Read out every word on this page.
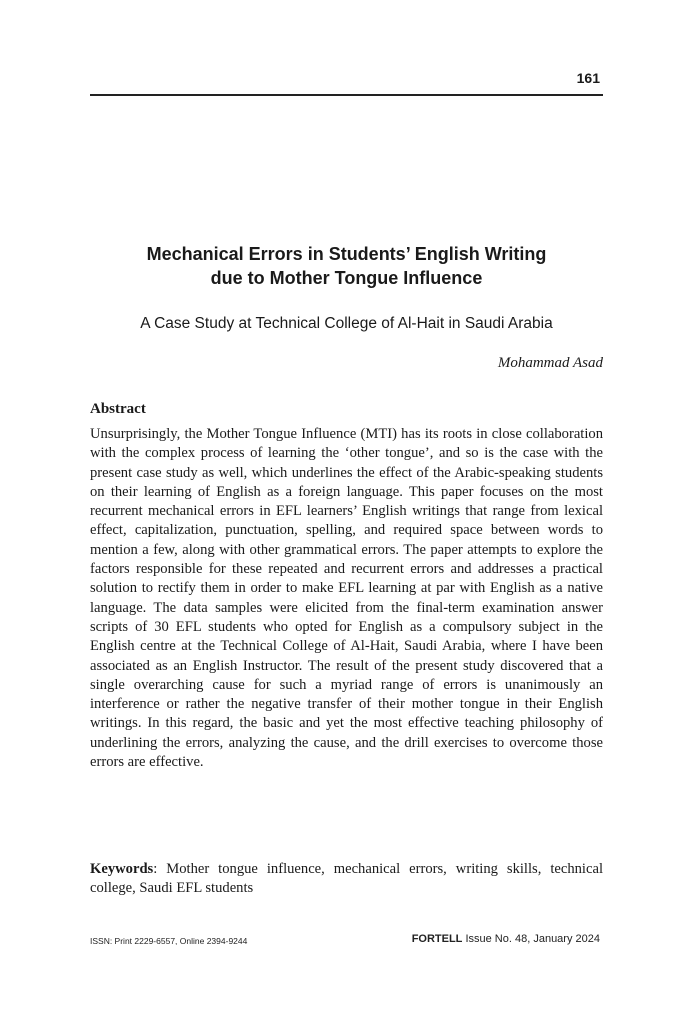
161
Mechanical Errors in Students’ English Writing
due to Mother Tongue Influence
A Case Study at Technical College of Al-Hait in Saudi Arabia
Mohammad Asad
Abstract

Unsurprisingly, the Mother Tongue Influence (MTI) has its roots in close collaboration with the complex process of learning the ‘other tongue’, and so is the case with the present case study as well, which underlines the effect of the Arabic-speaking students on their learning of English as a foreign language. This paper focuses on the most recurrent mechanical errors in EFL learners’ English writings that range from lexical effect, capitalization, punctuation, spelling, and required space between words to mention a few, along with other grammatical errors. The paper attempts to explore the factors responsible for these repeated and recurrent errors and addresses a practical solution to rectify them in order to make EFL learning at par with English as a native language. The data samples were elicited from the final-term examination answer scripts of 30 EFL students who opted for English as a compulsory subject in the English centre at the Technical College of Al-Hait, Saudi Arabia, where I have been associated as an English Instructor. The result of the present study discovered that a single overarching cause for such a myriad range of errors is unanimously an interference or rather the negative transfer of their mother tongue in their English writings. In this regard, the basic and yet the most effective teaching philosophy of underlining the errors, analyzing the cause, and the drill exercises to overcome those errors are effective.

Keywords: Mother tongue influence, mechanical errors, writing skills, technical college, Saudi EFL students

ISSN: Print 2229-6557, Online 2394-9244	FORTELL Issue No. 48, January 2024
